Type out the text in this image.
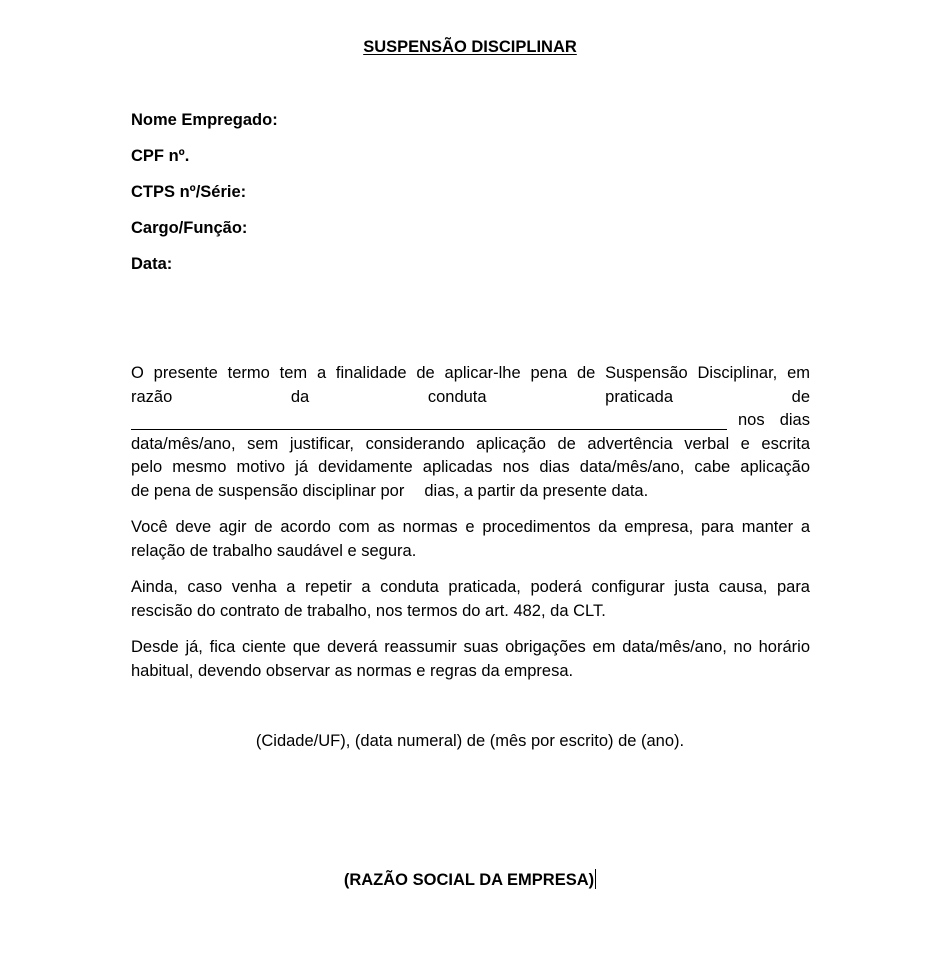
SUSPENSÃO DISCIPLINAR
Nome Empregado:
CPF nº.
CTPS nº/Série:
Cargo/Função:
Data:

O presente termo tem a finalidade de aplicar-lhe pena de Suspensão Disciplinar, em
razão da conduta praticada de
nos dias
data/mês/ano, sem justificar, considerando aplicação de advertência verbal e escrita
pelo mesmo motivo já devidamente aplicadas nos dias data/mês/ano, cabe aplicação
de pena de suspensão disciplinar por dias, a partir da presente data.

Você deve agir de acordo com as normas e procedimentos da empresa, para manter a relação de trabalho saudável e segura.

Ainda, caso venha a repetir a conduta praticada, poderá configurar justa causa, para rescisão do contrato de trabalho, nos termos do art. 482, da CLT.

Desde já, fica ciente que deverá reassumir suas obrigações em data/mês/ano, no horário habitual, devendo observar as normas e regras da empresa.

(Cidade/UF), (data numeral) de (mês por escrito) de (ano).
(RAZÃO SOCIAL DA EMPRESA)
